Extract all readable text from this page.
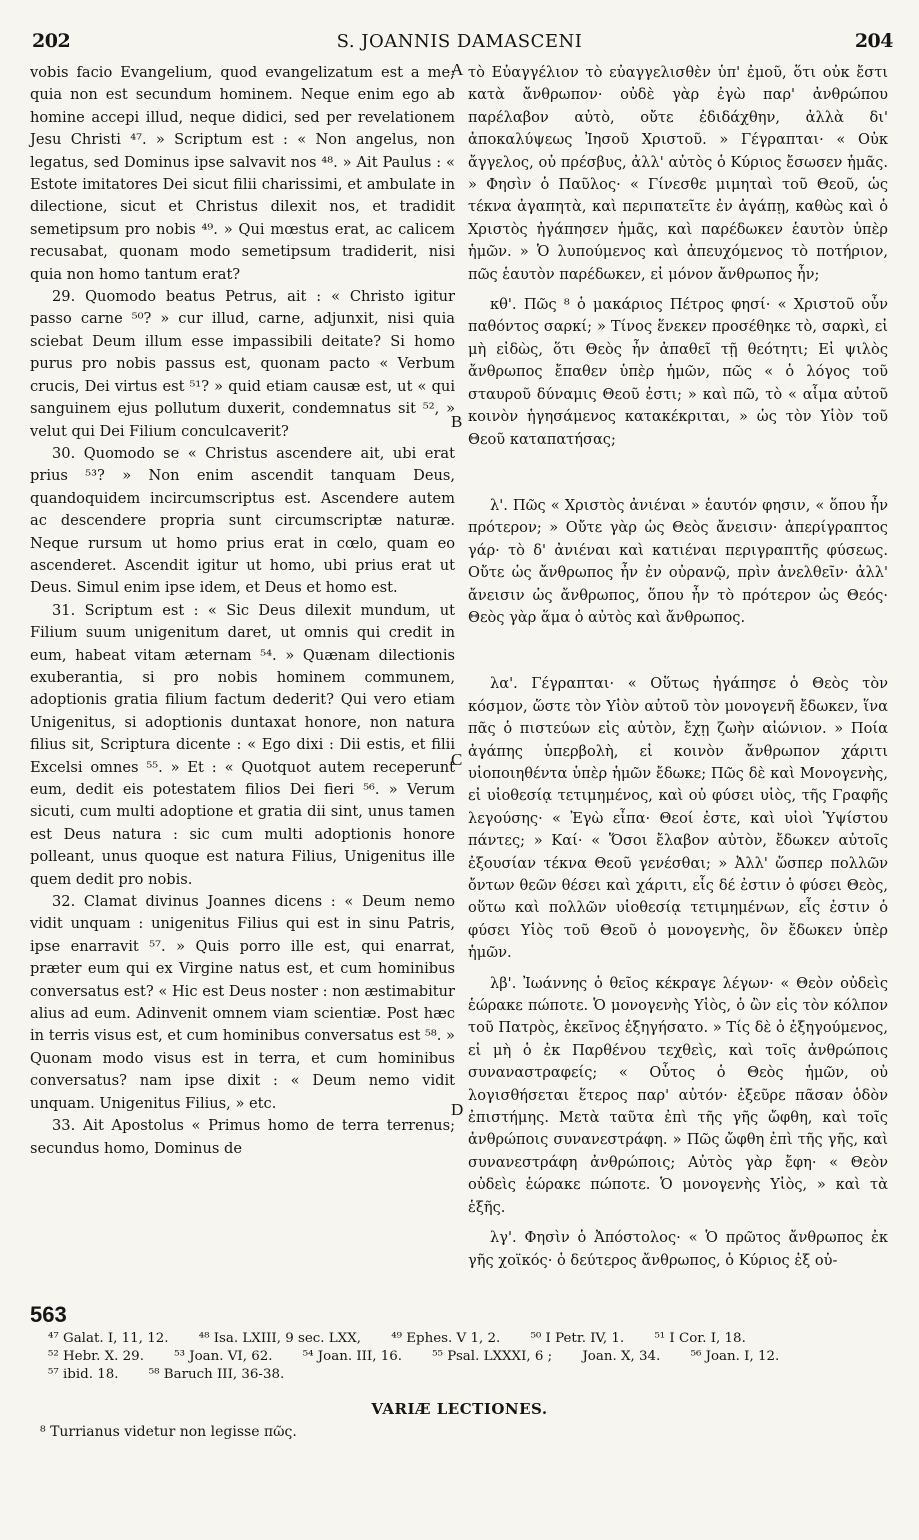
202	S. JOANNIS DAMASCENI	204

vobis facio Evangelium, quod evangelizatum est a me; quia non est secundum hominem. Neque enim ego ab homine accepi illud, neque didici, sed per revelationem Jesu Christi ⁴⁷. » Scriptum est : « Non angelus, non legatus, sed Dominus ipse salvavit nos ⁴⁸. » Ait Paulus : « Estote imitatores Dei sicut filii charissimi, et ambulate in dilectione, sicut et Christus dilexit nos, et tradidit semetipsum pro nobis ⁴⁹. » Qui mœstus erat, ac calicem recusabat, quonam modo semetipsum tradiderit, nisi quia non homo tantum erat?

29. Quomodo beatus Petrus, ait : « Christo igitur passo carne ⁵⁰? » cur illud, carne, adjunxit, nisi quia sciebat Deum illum esse impassibili deitate? Si homo purus pro nobis passus est, quonam pacto « Verbum crucis, Dei virtus est ⁵¹? » quid etiam causæ est, ut « qui sanguinem ejus pollutum duxerit, condemnatus sit ⁵², » velut qui Dei Filium conculcaverit?

30. Quomodo se « Christus ascendere ait, ubi erat prius ⁵³? » Non enim ascendit tanquam Deus, quandoquidem incircumscriptus est. Ascendere autem ac descendere propria sunt circumscriptæ naturæ. Neque rursum ut homo prius erat in cœlo, quam eo ascenderet. Ascendit igitur ut homo, ubi prius erat ut Deus. Simul enim ipse idem, et Deus et homo est.

31. Scriptum est : « Sic Deus dilexit mundum, ut Filium suum unigenitum daret, ut omnis qui credit in eum, habeat vitam æternam ⁵⁴. » Quænam dilectionis exuberantia, si pro nobis hominem communem, adoptionis gratia filium factum dederit? Qui vero etiam Unigenitus, si adoptionis duntaxat honore, non natura filius sit, Scriptura dicente : « Ego dixi : Dii estis, et filii Excelsi omnes ⁵⁵. » Et : « Quotquot autem receperunt eum, dedit eis potestatem filios Dei fieri ⁵⁶. » Verum sicuti, cum multi adoptione et gratia dii sint, unus tamen est Deus natura : sic cum multi adoptionis honore polleant, unus quoque est natura Filius, Unigenitus ille quem dedit pro nobis.

32. Clamat divinus Joannes dicens : « Deum nemo vidit unquam : unigenitus Filius qui est in sinu Patris, ipse enarravit ⁵⁷. » Quis porro ille est, qui enarrat, præter eum qui ex Virgine natus est, et cum hominibus conversatus est? « Hic est Deus noster : non æstimabitur alius ad eum. Adinvenit omnem viam scientiæ. Post hæc in terris visus est, et cum hominibus conversatus est ⁵⁸. » Quonam modo visus est in terra, et cum hominibus conversatus? nam ipse dixit : « Deum nemo vidit unquam. Unigenitus Filius, » etc.

33. Ait Apostolus « Primus homo de terra terrenus; secundus homo, Dominus de

A
B
C
D

τὸ Εὐαγγέλιον τὸ εὐαγγελισθὲν ὑπ' ἐμοῦ, ὅτι οὐκ ἔστι κατὰ ἄνθρωπον· οὐδὲ γὰρ ἐγὼ παρ' ἀνθρώπου παρέλαβον αὐτὸ, οὔτε ἐδιδάχθην, ἀλλὰ δι' ἀποκαλύψεως Ἰησοῦ Χριστοῦ. » Γέγραπται· « Οὐκ ἄγγελος, οὐ πρέσβυς, ἀλλ' αὐτὸς ὁ Κύριος ἔσωσεν ἡμᾶς. » Φησὶν ὁ Παῦλος· « Γίνεσθε μιμηταὶ τοῦ Θεοῦ, ὡς τέκνα ἀγαπητὰ, καὶ περιπατεῖτε ἐν ἀγάπῃ, καθὼς καὶ ὁ Χριστὸς ἠγάπησεν ἡμᾶς, καὶ παρέδωκεν ἑαυτὸν ὑπὲρ ἡμῶν. » Ὁ λυπούμενος καὶ ἀπευχόμενος τὸ ποτήριον, πῶς ἑαυτὸν παρέδωκεν, εἰ μόνον ἄνθρωπος ἦν;

κθ'. Πῶς ⁸ ὁ μακάριος Πέτρος φησί· « Χριστοῦ οὖν παθόντος σαρκί; » Τίνος ἕνεκεν προσέθηκε τὸ, σαρκὶ, εἰ μὴ εἰδὼς, ὅτι Θεὸς ἦν ἀπαθεῖ τῇ θεότητι; Εἰ ψιλὸς ἄνθρωπος ἔπαθεν ὑπὲρ ἡμῶν, πῶς « ὁ λόγος τοῦ σταυροῦ δύναμις Θεοῦ ἐστι; » καὶ πῶ, τὸ « αἷμα αὐτοῦ κοινὸν ἡγησάμενος κατακέκριται, » ὡς τὸν Υἱὸν τοῦ Θεοῦ καταπατήσας;

λ'. Πῶς « Χριστὸς ἀνιέναι » ἑαυτόν φησιν, « ὅπου ἦν πρότερον; » Οὔτε γὰρ ὡς Θεὸς ἄνεισιν· ἀπερίγραπτος γάρ· τὸ δ' ἀνιέναι καὶ κατιέναι περιγραπτῆς φύσεως. Οὔτε ὡς ἄνθρωπος ἦν ἐν οὐρανῷ, πρὶν ἀνελθεῖν· ἀλλ' ἄνεισιν ὡς ἄνθρωπος, ὅπου ἦν τὸ πρότερον ὡς Θεός· Θεὸς γὰρ ἅμα ὁ αὐτὸς καὶ ἄνθρωπος.

λα'. Γέγραπται· « Οὕτως ἠγάπησε ὁ Θεὸς τὸν κόσμον, ὥστε τὸν Υἱὸν αὐτοῦ τὸν μονογενῆ ἔδωκεν, ἵνα πᾶς ὁ πιστεύων εἰς αὐτὸν, ἔχῃ ζωὴν αἰώνιον. » Ποία ἀγάπης ὑπερβολὴ, εἰ κοινὸν ἄνθρωπον χάριτι υἱοποιηθέντα ὑπὲρ ἡμῶν ἔδωκε; Πῶς δὲ καὶ Μονογενὴς, εἰ υἱοθεσίᾳ τετιμημένος, καὶ οὐ φύσει υἱὸς, τῆς Γραφῆς λεγούσης· « Ἐγὼ εἶπα· Θεοί ἐστε, καὶ υἱοὶ Ὑψίστου πάντες; » Καί· « Ὅσοι ἔλαβον αὐτὸν, ἔδωκεν αὐτοῖς ἐξουσίαν τέκνα Θεοῦ γενέσθαι; » Ἀλλ' ὥσπερ πολλῶν ὄντων θεῶν θέσει καὶ χάριτι, εἷς δέ ἐστιν ὁ φύσει Θεὸς, οὕτω καὶ πολλῶν υἱοθεσίᾳ τετιμημένων, εἷς ἐστιν ὁ φύσει Υἱὸς τοῦ Θεοῦ ὁ μονογενὴς, ὃν ἔδωκεν ὑπὲρ ἡμῶν.

λβ'. Ἰωάννης ὁ θεῖος κέκραγε λέγων· « Θεὸν οὐδεὶς ἑώρακε πώποτε. Ὁ μονογενὴς Υἱὸς, ὁ ὢν εἰς τὸν κόλπον τοῦ Πατρὸς, ἐκεῖνος ἐξηγήσατο. » Τίς δὲ ὁ ἐξηγούμενος, εἰ μὴ ὁ ἐκ Παρθένου τεχθεὶς, καὶ τοῖς ἀνθρώποις συναναστραφείς; « Οὗτος ὁ Θεὸς ἡμῶν, οὐ λογισθήσεται ἕτερος παρ' αὐτόν· ἐξεῦρε πᾶσαν ὁδὸν ἐπιστήμης. Μετὰ ταῦτα ἐπὶ τῆς γῆς ὤφθη, καὶ τοῖς ἀνθρώποις συνανεστράφη. » Πῶς ὤφθη ἐπὶ τῆς γῆς, καὶ συνανεστράφη ἀνθρώποις; Αὐτὸς γὰρ ἔφη· « Θεὸν οὐδεὶς ἑώρακε πώποτε. Ὁ μονογενὴς Υἱὸς, » καὶ τὰ ἑξῆς.

λγ'. Φησὶν ὁ Ἀπόστολος· « Ὁ πρῶτος ἄνθρωπος ἐκ γῆς χοϊκός· ὁ δεύτερος ἄνθρωπος, ὁ Κύριος ἐξ οὐ-

563
⁴⁷ Galat. I, 11, 12. ⁴⁸ Isa. LXIII, 9 sec. LXX, ⁴⁹ Ephes. V 1, 2. ⁵⁰ I Petr. IV, 1. ⁵¹ I Cor. I, 18.
⁵² Hebr. X. 29. ⁵³ Joan. VI, 62. ⁵⁴ Joan. III, 16. ⁵⁵ Psal. LXXXI, 6 ; Joan. X, 34. ⁵⁶ Joan. I, 12.
⁵⁷ ibid. 18. ⁵⁸ Baruch III, 36-38.
VARIÆ LECTIONES.
⁸ Turrianus videtur non legisse πῶς.
